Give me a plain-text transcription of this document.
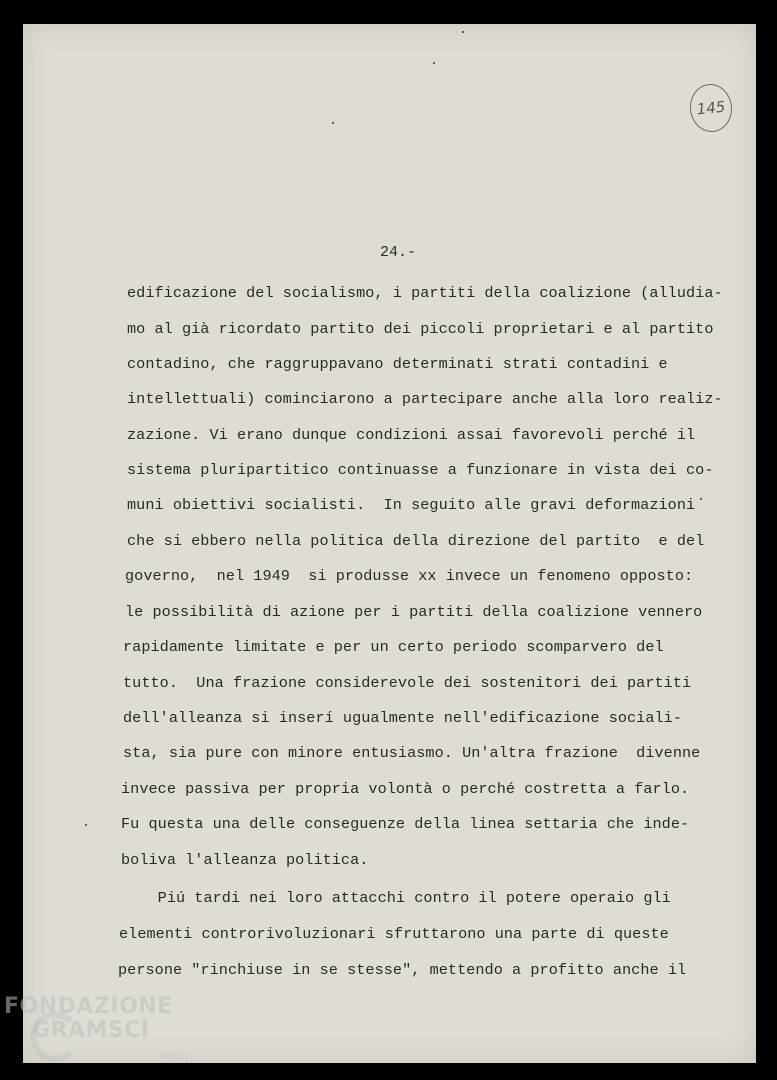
145
24.-
edificazione del socialismo, i partiti della coalizione (alludia-
mo al già ricordato partito dei piccoli proprietari e al partito
contadino, che raggruppavano determinati strati contadini e
intellettuali) cominciarono a partecipare anche alla loro realiz-
zazione. Vi erano dunque condizioni assai favorevoli perché il
sistema pluripartitico continuasse a funzionare in vista dei co-
muni obiettivi socialisti.  In seguito alle gravi deformazioni
che si ebbero nella politica della direzione del partito  e del
governo,  nel 1949  si produsse xx invece un fenomeno opposto:
le possibilità di azione per i partiti della coalizione vennero
rapidamente limitate e per un certo periodo scomparvero del
tutto.  Una frazione considerevole dei sostenitori dei partiti
dell'alleanza si inserí ugualmente nell'edificazione sociali-
sta, sia pure con minore entusiasmo. Un'altra frazione  divenne
invece passiva per propria volontà o perché costretta a farlo.
Fu questa una delle conseguenze della linea settaria che inde-
boliva l'alleanza politica.
Piú tardi nei loro attacchi contro il potere operaio gli
elementi controrivoluzionari sfruttarono una parte di queste
persone "rinchiuse in se stesse", mettendo a profitto anche il
FONDAZIONE
GRAMSCI
onlus
